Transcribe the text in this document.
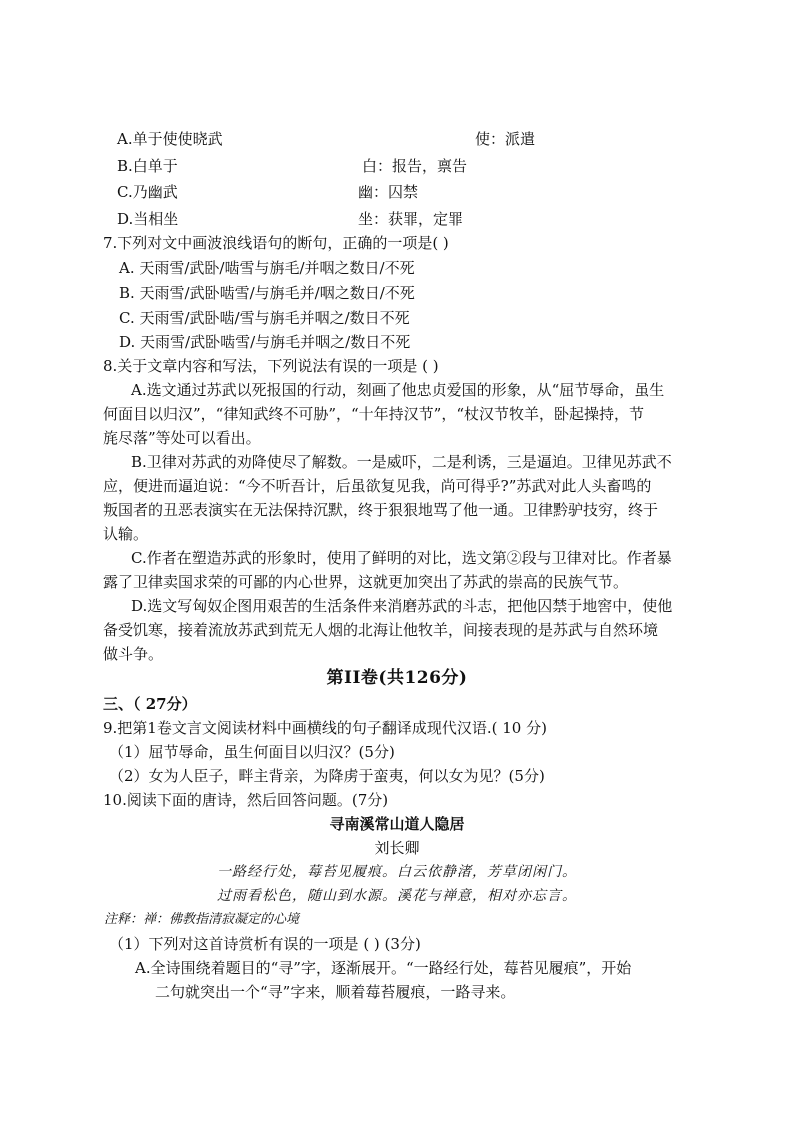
A.单于使使晓武	使：派遣
B.白单于	白：报告，禀告
C.乃幽武	幽：囚禁
D.当相坐	坐：获罪，定罪
7.下列对文中画波浪线语句的断句，正确的一项是( )
A. 天雨雪/武卧/啮雪与旃毛/并咽之数日/不死
B. 天雨雪/武卧啮雪/与旃毛并/咽之数日/不死
C. 天雨雪/武卧啮/雪与旃毛并咽之/数日不死
D. 天雨雪/武卧啮雪/与旃毛并咽之/数日不死
8.关于文章内容和写法，下列说法有误的一项是 ( )
A.选文通过苏武以死报国的行动，刻画了他忠贞爱国的形象，从“屈节辱命，虽生
何面目以归汉”，“律知武终不可胁”，“十年持汉节”，“杖汉节牧羊，卧起操持，节
旄尽落”等处可以看出。
B.卫律对苏武的劝降使尽了解数。一是威吓，二是利诱，三是逼迫。卫律见苏武不
应，便进而逼迫说：“今不听吾计，后虽欲复见我，尚可得乎?”苏武对此人头畜鸣的
叛国者的丑恶表演实在无法保持沉默，终于狠狠地骂了他一通。卫律黔驴技穷，终于
认输。
C.作者在塑造苏武的形象时，使用了鲜明的对比，选文第②段与卫律对比。作者暴
露了卫律卖国求荣的可鄙的内心世界，这就更加突出了苏武的崇高的民族气节。
D.选文写匈奴企图用艰苦的生活条件来消磨苏武的斗志，把他囚禁于地窖中，使他
备受饥寒，接着流放苏武到荒无人烟的北海让他牧羊，间接表现的是苏武与自然环境
做斗争。
第II卷(共126分)
三、（ 27分）
9.把第1卷文言文阅读材料中画横线的句子翻译成现代汉语.( 10 分)
（1）屈节辱命，虽生何面目以归汉？(5分)
（2）女为人臣子，畔主背亲，为降虏于蛮夷，何以女为见？(5分)
10.阅读下面的唐诗，然后回答问题。(7分)
寻南溪常山道人隐居
刘长卿
一路经行处，莓苔见履痕。白云依静渚，芳草闭闲门。
过雨看松色，随山到水源。溪花与禅意，相对亦忘言。
注释：禅：佛教指清寂凝定的心境
（1）下列对这首诗赏析有误的一项是 ( ) (3分)
A.全诗围绕着题目的“寻”字，逐渐展开。“一路经行处，莓苔见履痕”，开始
二句就突出一个“寻”字来，顺着莓苔履痕，一路寻来。
